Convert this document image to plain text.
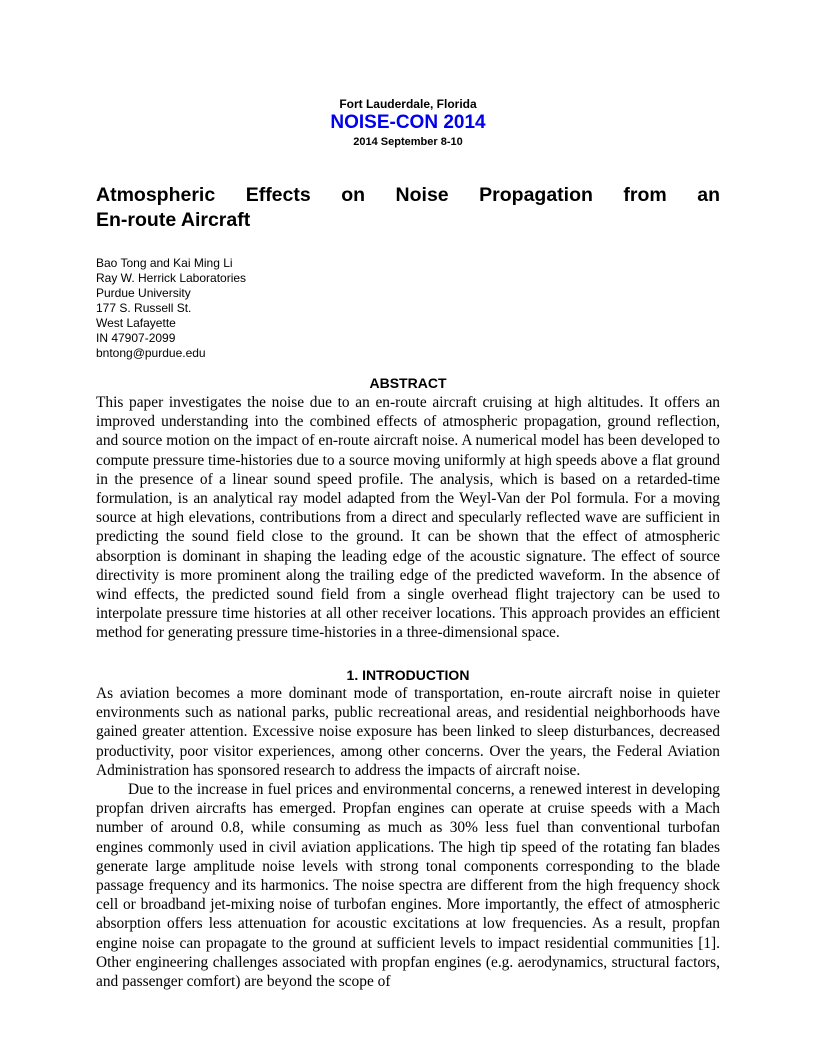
Fort Lauderdale, Florida
NOISE-CON 2014
2014 September 8-10
Atmospheric Effects on Noise Propagation from an
En-route Aircraft
Bao Tong and Kai Ming Li
Ray W. Herrick Laboratories
Purdue University
177 S. Russell St.
West Lafayette
IN 47907-2099
bntong@purdue.edu
ABSTRACT

This paper investigates the noise due to an en-route aircraft cruising at high altitudes. It offers an improved understanding into the combined effects of atmospheric propagation, ground reflection, and source motion on the impact of en-route aircraft noise. A numerical model has been developed to compute pressure time-histories due to a source moving uniformly at high speeds above a flat ground in the presence of a linear sound speed profile. The analysis, which is based on a retarded-time formulation, is an analytical ray model adapted from the Weyl-Van der Pol formula. For a moving source at high elevations, contributions from a direct and specularly reflected wave are sufficient in predicting the sound field close to the ground. It can be shown that the effect of atmospheric absorption is dominant in shaping the leading edge of the acoustic signature. The effect of source directivity is more prominent along the trailing edge of the predicted waveform. In the absence of wind effects, the predicted sound field from a single overhead flight trajectory can be used to interpolate pressure time histories at all other receiver locations. This approach provides an efficient method for generating pressure time-histories in a three-dimensional space.

1. INTRODUCTION

As aviation becomes a more dominant mode of transportation, en-route aircraft noise in quieter environments such as national parks, public recreational areas, and residential neighborhoods have gained greater attention. Excessive noise exposure has been linked to sleep disturbances, decreased productivity, poor visitor experiences, among other concerns. Over the years, the Federal Aviation Administration has sponsored research to address the impacts of aircraft noise.

Due to the increase in fuel prices and environmental concerns, a renewed interest in developing propfan driven aircrafts has emerged. Propfan engines can operate at cruise speeds with a Mach number of around 0.8, while consuming as much as 30% less fuel than conventional turbofan engines commonly used in civil aviation applications. The high tip speed of the rotating fan blades generate large amplitude noise levels with strong tonal components corresponding to the blade passage frequency and its harmonics. The noise spectra are different from the high frequency shock cell or broadband jet-mixing noise of turbofan engines. More importantly, the effect of atmospheric absorption offers less attenuation for acoustic excitations at low frequencies. As a result, propfan engine noise can propagate to the ground at sufficient levels to impact residential communities [1]. Other engineering challenges associated with propfan engines (e.g. aerodynamics, structural factors, and passenger comfort) are beyond the scope of
